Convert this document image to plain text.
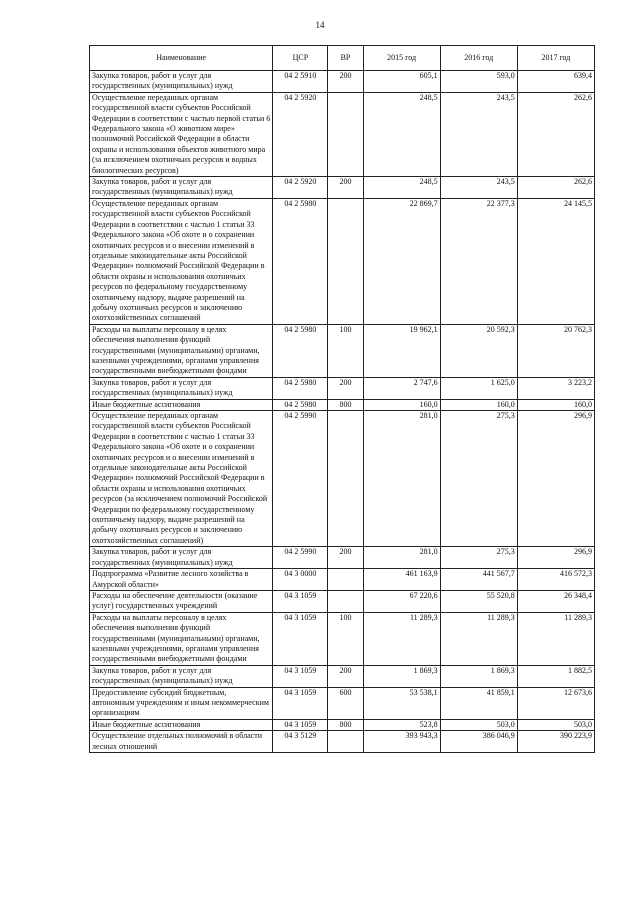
14
Наименование	ЦСР	ВР	2015 год	2016 год	2017 год
Закупка товаров, работ и услуг для государственных (муниципальных) нужд	04 2 5910	200	605,1	593,0	639,4
Осуществление переданных органам государственной власти субъектов Российской Федерации в соответствии с частью первой статьи 6 Федерального закона «О животном мире» полномочий Российской Федерации в области охраны и использования объектов животного мира (за исключением охотничьих ресурсов и водных биологических ресурсов)	04 2 5920		248,5	243,5	262,6
Закупка товаров, работ и услуг для государственных (муниципальных) нужд	04 2 5920	200	248,5	243,5	262,6
Осуществление переданных органам государственной власти субъектов Российской Федерации в соответствии с частью 1 статьи 33 Федерального закона «Об охоте и о сохранении охотничьих ресурсов и о внесении изменений в отдельные законодательные акты Российской Федерации» полномочий Российской Федерации в области охраны и использования охотничьих ресурсов по федеральному государственному охотничьему надзору, выдаче разрешений на добычу охотничьих ресурсов и заключению охотхозяйственных соглашений	04 2 5980		22 869,7	22 377,3	24 145,5
Расходы на выплаты персоналу в целях обеспечения выполнения функций государственными (муниципальными) органами, казенными учреждениями, органами управления государственными внебюджетными фондами	04 2 5980	100	19 962,1	20 592,3	20 762,3
Закупка товаров, работ и услуг для государственных (муниципальных) нужд	04 2 5980	200	2 747,6	1 625,0	3 223,2
Иные бюджетные ассигнования	04 2 5980	800	160,0	160,0	160,0
Осуществление переданных органам государственной власти субъектов Российской Федерации в соответствии с частью 1 статьи 33 Федерального закона «Об охоте и о сохранении охотничьих ресурсов и о внесении изменений в отдельные законодательные акты Российской Федерации» полномочий Российской Федерации в области охраны и использования охотничьих ресурсов (за исключением полномочий Российской Федерации по федеральному государственному охотничьему надзору, выдаче разрешений на добычу охотничьих ресурсов и заключению охотхозяйственных соглашений)	04 2 5990		281,0	275,3	296,9
Закупка товаров, работ и услуг для государственных (муниципальных) нужд	04 2 5990	200	281,0	275,3	296,9
Подпрограмма «Развитие лесного хозяйства в Амурской области»	04 3 0000		461 163,9	441 567,7	416 572,3
Расходы на обеспечение деятельности (оказание услуг) государственных учреждений	04 3 1059		67 220,6	55 520,8	26 348,4
Расходы на выплаты персоналу в целях обеспечения выполнения функций государственными (муниципальными) органами, казенными учреждениями, органами управления государственными внебюджетными фондами	04 3 1059	100	11 289,3	11 289,3	11 289,3
Закупка товаров, работ и услуг для государственных (муниципальных) нужд	04 3 1059	200	1 869,3	1 869,3	1 882,5
Предоставление субсидий бюджетным, автономным учреждениям и иным некоммерческим организациям	04 3 1059	600	53 538,1	41 859,1	12 673,6
Иные бюджетные ассигнования	04 3 1059	800	523,8	503,0	503,0
Осуществление отдельных полномочий в области лесных отношений	04 3 5129		393 943,3	386 046,9	390 223,9
